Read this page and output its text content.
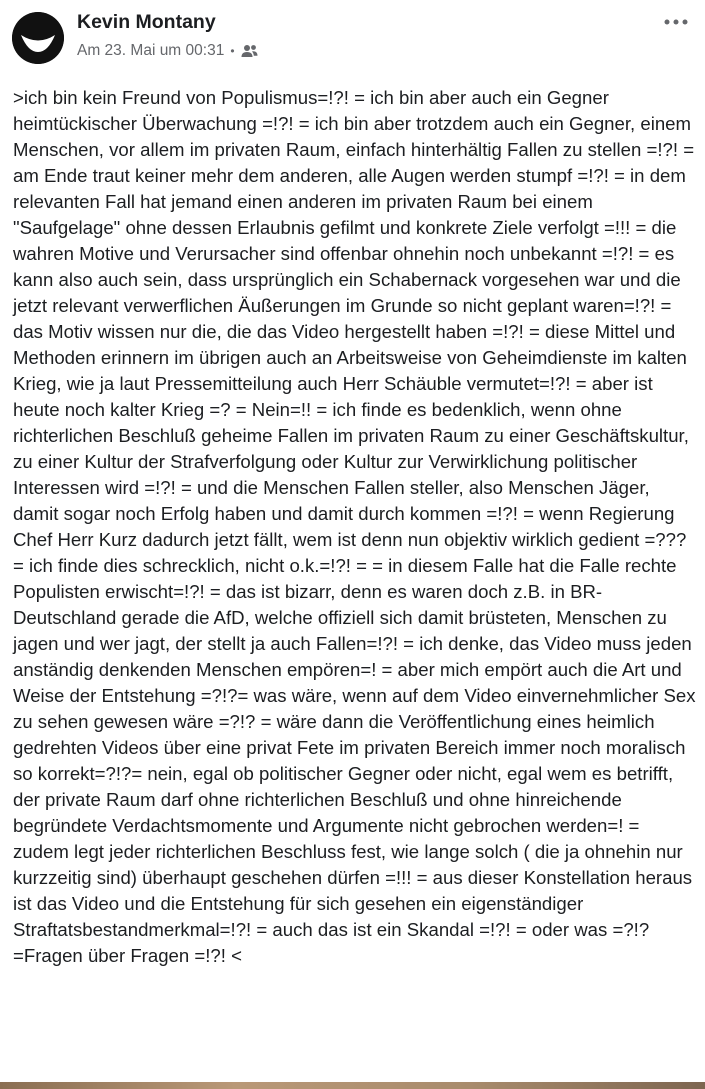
Kevin Montany
Am 23. Mai um 00:31 •
>ich bin kein Freund von Populismus=!?! = ich bin aber auch ein Gegner heimtückischer Überwachung =!?! = ich bin aber trotzdem auch ein Gegner, einem Menschen, vor allem im privaten Raum, einfach hinterhältig Fallen zu stellen =!?! = am Ende traut keiner mehr dem anderen, alle Augen werden stumpf =!?! = in dem relevanten Fall hat jemand einen anderen im privaten Raum bei einem "Saufgelage" ohne dessen Erlaubnis gefilmt und konkrete Ziele verfolgt =!!! = die wahren Motive und Verursacher sind offenbar ohnehin noch unbekannt =!?! = es kann also auch sein, dass ursprünglich ein Schabernack vorgesehen war und die jetzt relevant verwerflichen Äußerungen im Grunde so nicht geplant waren=!?! = das Motiv wissen nur die, die das Video hergestellt haben =!?! = diese Mittel und Methoden erinnern im übrigen auch an Arbeitsweise von Geheimdienste im kalten Krieg, wie ja laut Pressemitteilung auch Herr Schäuble vermutet=!?! = aber ist heute noch kalter Krieg =? = Nein=!! = ich finde es bedenklich, wenn ohne richterlichen Beschluß geheime Fallen im privaten Raum zu einer Geschäftskultur, zu einer Kultur der Strafverfolgung oder Kultur zur Verwirklichung politischer Interessen wird =!?! = und die Menschen Fallen steller, also Menschen Jäger, damit sogar noch Erfolg haben und damit durch kommen =!?! = wenn Regierung Chef Herr Kurz dadurch jetzt fällt, wem ist denn nun objektiv wirklich gedient =??? = ich finde dies schrecklich, nicht o.k.=!?! = = in diesem Falle hat die Falle rechte Populisten erwischt=!?! = das ist bizarr, denn es waren doch z.B. in BR- Deutschland gerade die AfD, welche offiziell sich damit brüsteten, Menschen zu jagen und wer jagt, der stellt ja auch Fallen=!?! = ich denke, das Video muss jeden anständig denkenden Menschen empören=! = aber mich empört auch die Art und Weise der Entstehung =?!?= was wäre, wenn auf dem Video einvernehmlicher Sex zu sehen gewesen wäre =?!? = wäre dann die Veröffentlichung eines heimlich gedrehten Videos über eine privat Fete im privaten Bereich immer noch moralisch so korrekt=?!?= nein, egal ob politischer Gegner oder nicht, egal wem es betrifft, der private Raum darf ohne richterlichen Beschluß und ohne hinreichende begründete Verdachtsmomente und Argumente nicht gebrochen werden=! = zudem legt jeder richterlichen Beschluss fest, wie lange solch ( die ja ohnehin nur kurzzeitig sind) überhaupt geschehen dürfen =!!! = aus dieser Konstellation heraus ist das Video und die Entstehung für sich gesehen ein eigenständiger Straftatsbestandmerkmal=!?! = auch das ist ein Skandal =!?! = oder was =?!?=Fragen über Fragen =!?! <
